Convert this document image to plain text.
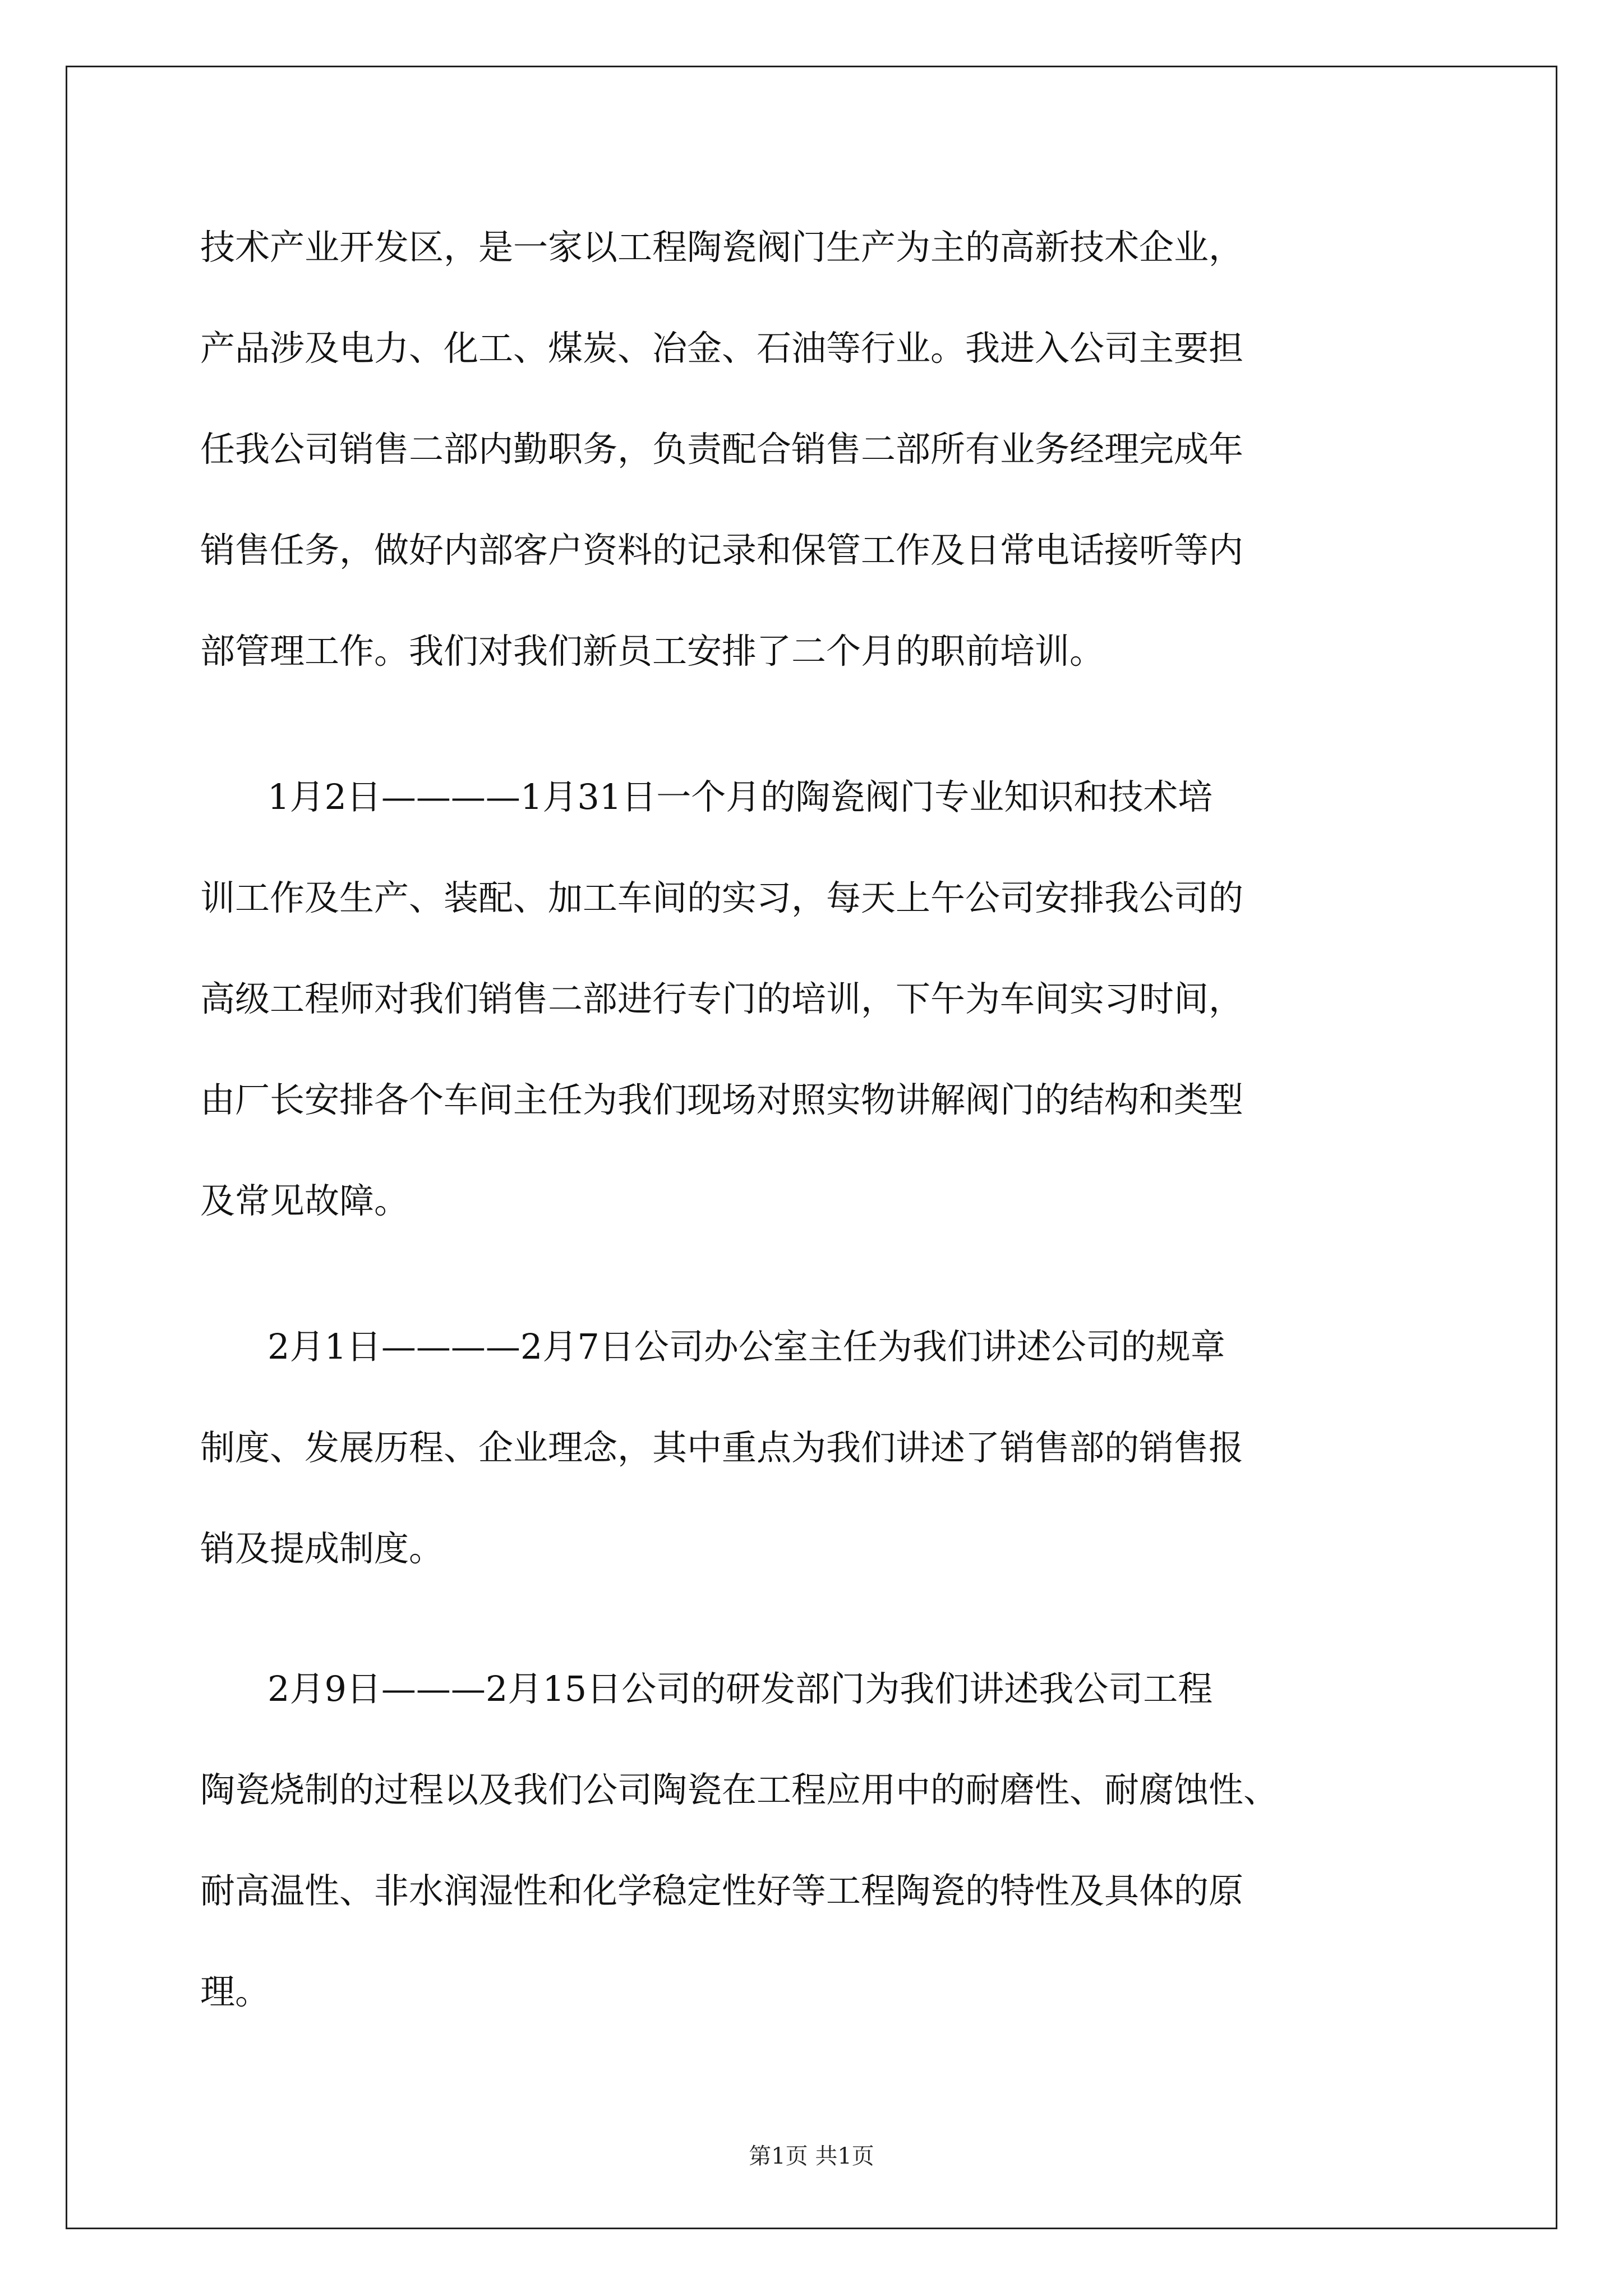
技术产业开发区，是一家以工程陶瓷阀门生产为主的高新技术企业，
产品涉及电力、化工、煤炭、冶金、石油等行业。我进入公司主要担
任我公司销售二部内勤职务，负责配合销售二部所有业务经理完成年
销售任务，做好内部客户资料的记录和保管工作及日常电话接听等内
部管理工作。我们对我们新员工安排了二个月的职前培训。
1月2日————1月31日一个月的陶瓷阀门专业知识和技术培
训工作及生产、装配、加工车间的实习，每天上午公司安排我公司的
高级工程师对我们销售二部进行专门的培训，下午为车间实习时间，
由厂长安排各个车间主任为我们现场对照实物讲解阀门的结构和类型
及常见故障。
2月1日————2月7日公司办公室主任为我们讲述公司的规章
制度、发展历程、企业理念，其中重点为我们讲述了销售部的销售报
销及提成制度。
2月9日———2月15日公司的研发部门为我们讲述我公司工程
陶瓷烧制的过程以及我们公司陶瓷在工程应用中的耐磨性、耐腐蚀性、
耐高温性、非水润湿性和化学稳定性好等工程陶瓷的特性及具体的原
理。
第1页 共1页
